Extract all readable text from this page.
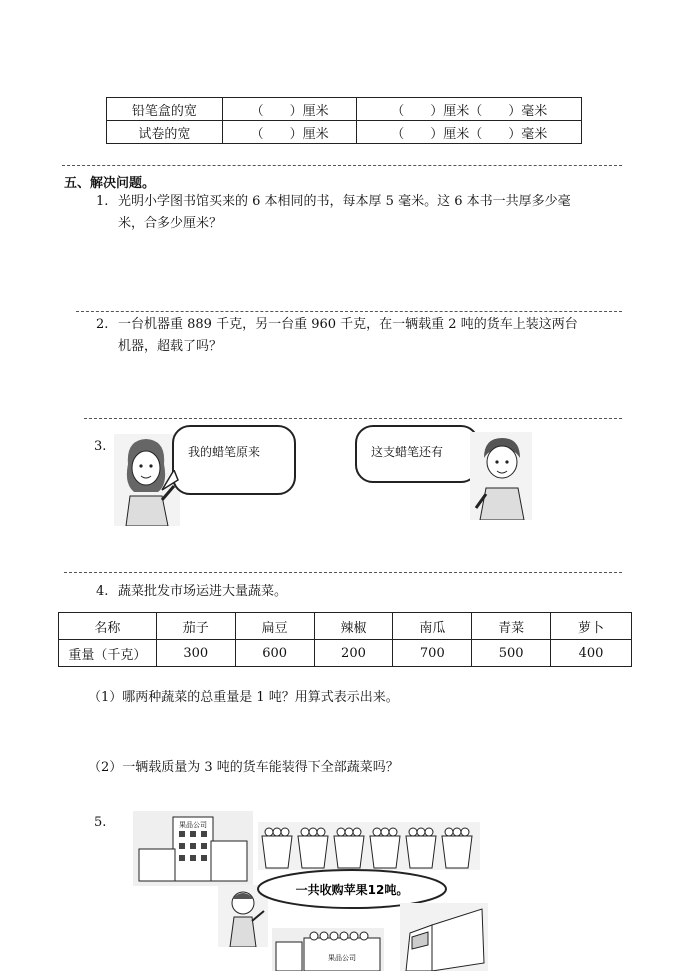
铅笔盒的宽	（　　）厘米	（　　）厘米（　　）毫米
试卷的宽	（　　）厘米	（　　）厘米（　　）毫米
五、解决问题。
1. 光明小学图书馆买来的 6 本相同的书，每本厚 5 毫米。这 6 本书一共厚多少毫
米，合多少厘米？
2. 一台机器重 889 千克，另一台重 960 千克，在一辆载重 2 吨的货车上装这两台
机器，超载了吗？
3.	我的蜡笔原来	这支蜡笔还有
4. 蔬菜批发市场运进大量蔬菜。
名称	茄子	扁豆	辣椒	南瓜	青菜	萝卜
重量（千克）	300	600	200	700	500	400
（1）哪两种蔬菜的总重量是 1 吨？用算式表示出来。
（2）一辆载质量为 3 吨的货车能装得下全部蔬菜吗？
5.	果品公司
一共收购苹果12吨。
果品公司
